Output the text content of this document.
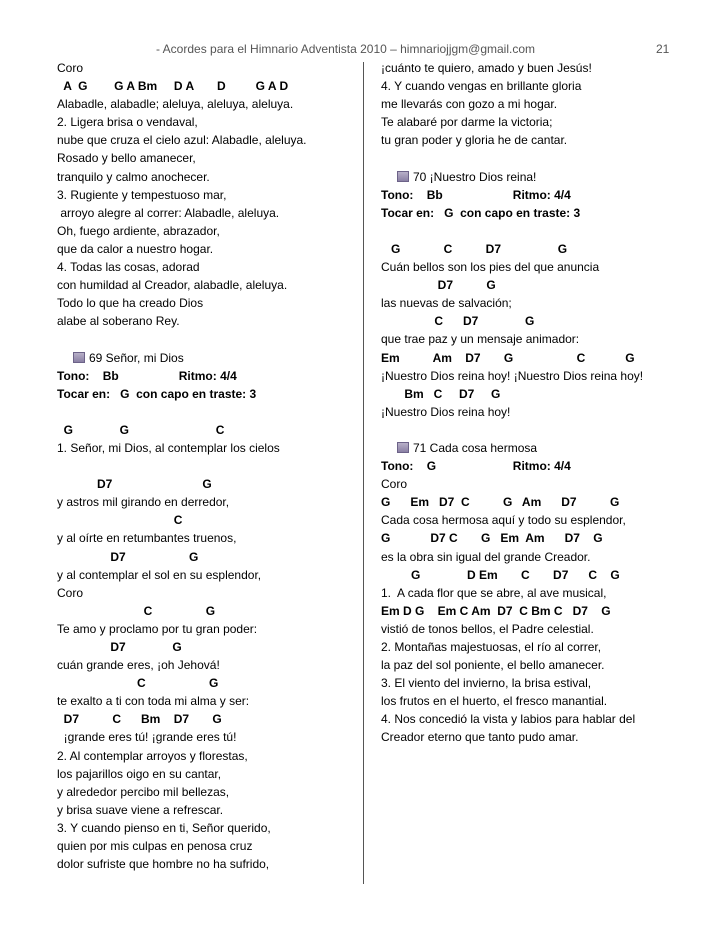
- Acordes para el Himnario Adventista 2010 – himnariojjgm@gmail.com	21
Coro
A  G        G A Bm     D A       D         G A D
Alabadle, alabadle; aleluya, aleluya, aleluya.
2. Ligera brisa o vendaval,
nube que cruza el cielo azul: Alabadle, aleluya.
Rosado y bello amanecer,
tranquilo y calmo anochecer.
3. Rugiente y tempestuoso mar,
arroyo alegre al correr: Alabadle, aleluya.
Oh, fuego ardiente, abrazador,
que da calor a nuestro hogar.
4. Todas las cosas, adorad
con humildad al Creador, alabadle, aleluya.
Todo lo que ha creado Dios
alabe al soberano Rey.
69 Señor, mi Dios
Tono:    Bb                  Ritmo: 4/4
Tocar en:   G  con capo en traste: 3
G              G                          C
1. Señor, mi Dios, al contemplar los cielos
D7                           G
y astros mil girando en derredor,
C
y al oírte en retumbantes truenos,
D7                   G
y al contemplar el sol en su esplendor,
Coro
C                G
Te amo y proclamo por tu gran poder:
D7              G
cuán grande eres, ¡oh Jehová!
C                   G
te exalto a ti con toda mi alma y ser:
D7          C      Bm    D7       G
¡grande eres tú! ¡grande eres tú!
2. Al contemplar arroyos y florestas,
los pajarillos oigo en su cantar,
y alrededor percibo mil bellezas,
y brisa suave viene a refrescar.
3. Y cuando pienso en ti, Señor querido,
quien por mis culpas en penosa cruz
dolor sufriste que hombre no ha sufrido,
¡cuánto te quiero, amado y buen Jesús!
4. Y cuando vengas en brillante gloria
me llevarás con gozo a mi hogar.
Te alabaré por darme la victoria;
tu gran poder y gloria he de cantar.
70 ¡Nuestro Dios reina!
Tono:    Bb                     Ritmo: 4/4
Tocar en:   G  con capo en traste: 3
G             C          D7                 G
Cuán bellos son los pies del que anuncia
D7          G
las nuevas de salvación;
C      D7              G
que trae paz y un mensaje animador:
Em          Am    D7       G                   C            G
¡Nuestro Dios reina hoy! ¡Nuestro Dios reina hoy!
Bm   C     D7     G
¡Nuestro Dios reina hoy!
71 Cada cosa hermosa
Tono:    G                       Ritmo: 4/4
Coro
G      Em   D7  C          G   Am      D7          G
Cada cosa hermosa aquí y todo su esplendor,
G            D7 C       G   Em  Am      D7    G
es la obra sin igual del grande Creador.
G              D Em       C       D7      C    G
1.  A cada flor que se abre, al ave musical,
Em D G    Em C Am  D7  C Bm C   D7    G
vistió de tonos bellos, el Padre celestial.
2. Montañas majestuosas, el río al correr,
la paz del sol poniente, el bello amanecer.
3. El viento del invierno, la brisa estival,
los frutos en el huerto, el fresco manantial.
4. Nos concedió la vista y labios para hablar del
Creador eterno que tanto pudo amar.
